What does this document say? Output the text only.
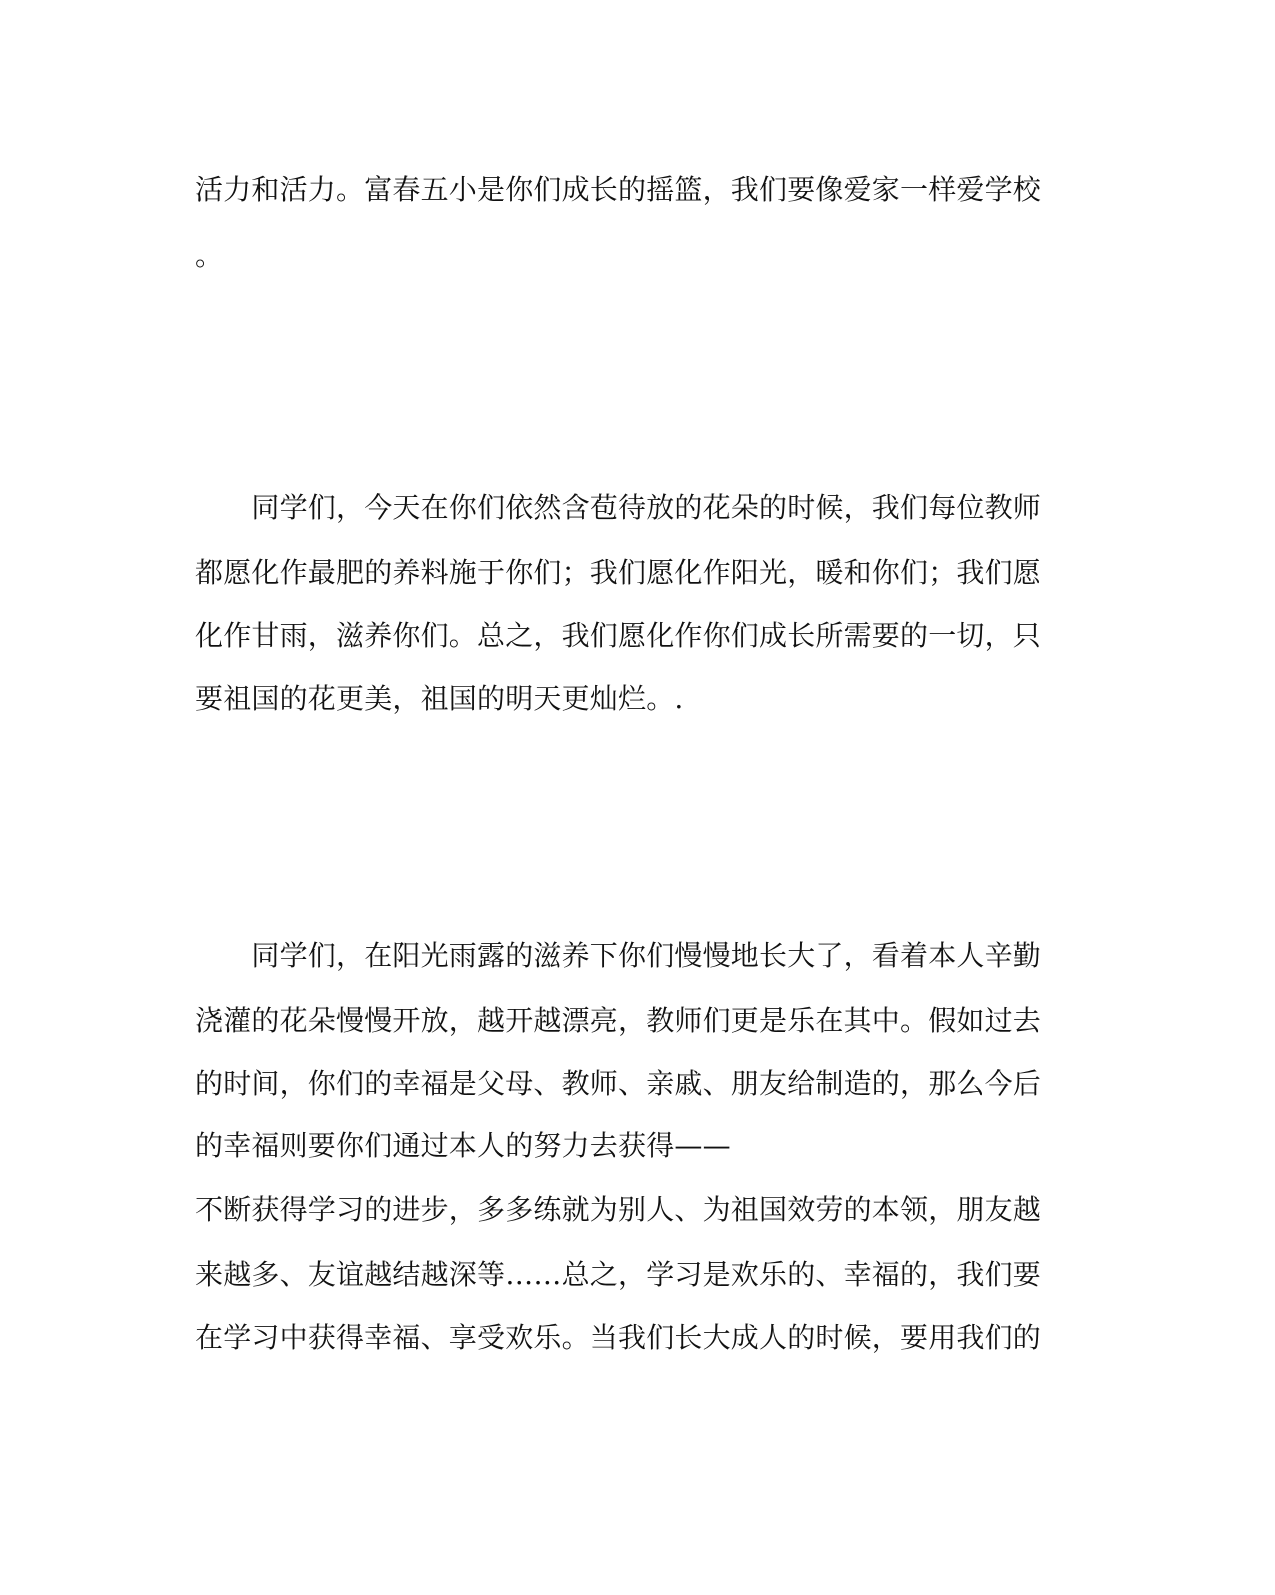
活力和活力。富春五小是你们成长的摇篮，我们要像爱家一样爱学校
。
　　同学们，今天在你们依然含苞待放的花朵的时候，我们每位教师
都愿化作最肥的养料施于你们；我们愿化作阳光，暖和你们；我们愿
化作甘雨，滋养你们。总之，我们愿化作你们成长所需要的一切，只
要祖国的花更美，祖国的明天更灿烂。.
　　同学们，在阳光雨露的滋养下你们慢慢地长大了，看着本人辛勤
浇灌的花朵慢慢开放，越开越漂亮，教师们更是乐在其中。假如过去
的时间，你们的幸福是父母、教师、亲戚、朋友给制造的，那么今后
的幸福则要你们通过本人的努力去获得——
不断获得学习的进步，多多练就为别人、为祖国效劳的本领，朋友越
来越多、友谊越结越深等……总之，学习是欢乐的、幸福的，我们要
在学习中获得幸福、享受欢乐。当我们长大成人的时候，要用我们的
